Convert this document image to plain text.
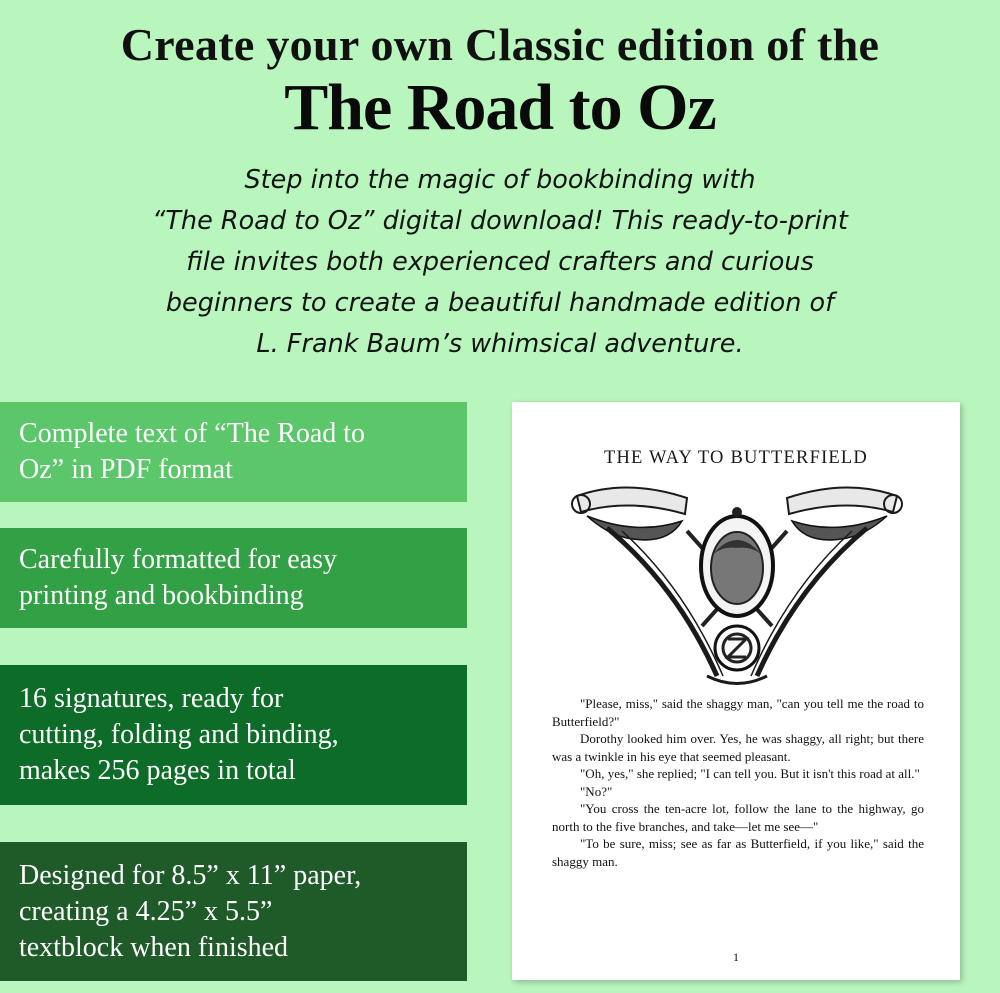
Create your own Classic edition of the
The Road to Oz
Step into the magic of bookbinding with
“The Road to Oz” digital download! This ready-to-print
file invites both experienced crafters and curious
beginners to create a beautiful handmade edition of
L. Frank Baum’s whimsical adventure.
Complete text of “The Road to
Oz” in PDF format
Carefully formatted for easy
printing and bookbinding
16 signatures, ready for
cutting, folding and binding,
makes 256 pages in total
Designed for 8.5” x 11” paper,
creating a 4.25” x 5.5”
textblock when finished
THE WAY TO BUTTERFIELD

"Please, miss," said the shaggy man, "can you tell me the road to Butterfield?"

Dorothy looked him over. Yes, he was shaggy, all right; but there was a twinkle in his eye that seemed pleasant.

"Oh, yes," she replied; "I can tell you. But it isn't this road at all."

"No?"

"You cross the ten-acre lot, follow the lane to the highway, go north to the five branches, and take—let me see—"

"To be sure, miss; see as far as Butterfield, if you like," said the shaggy man.

1
